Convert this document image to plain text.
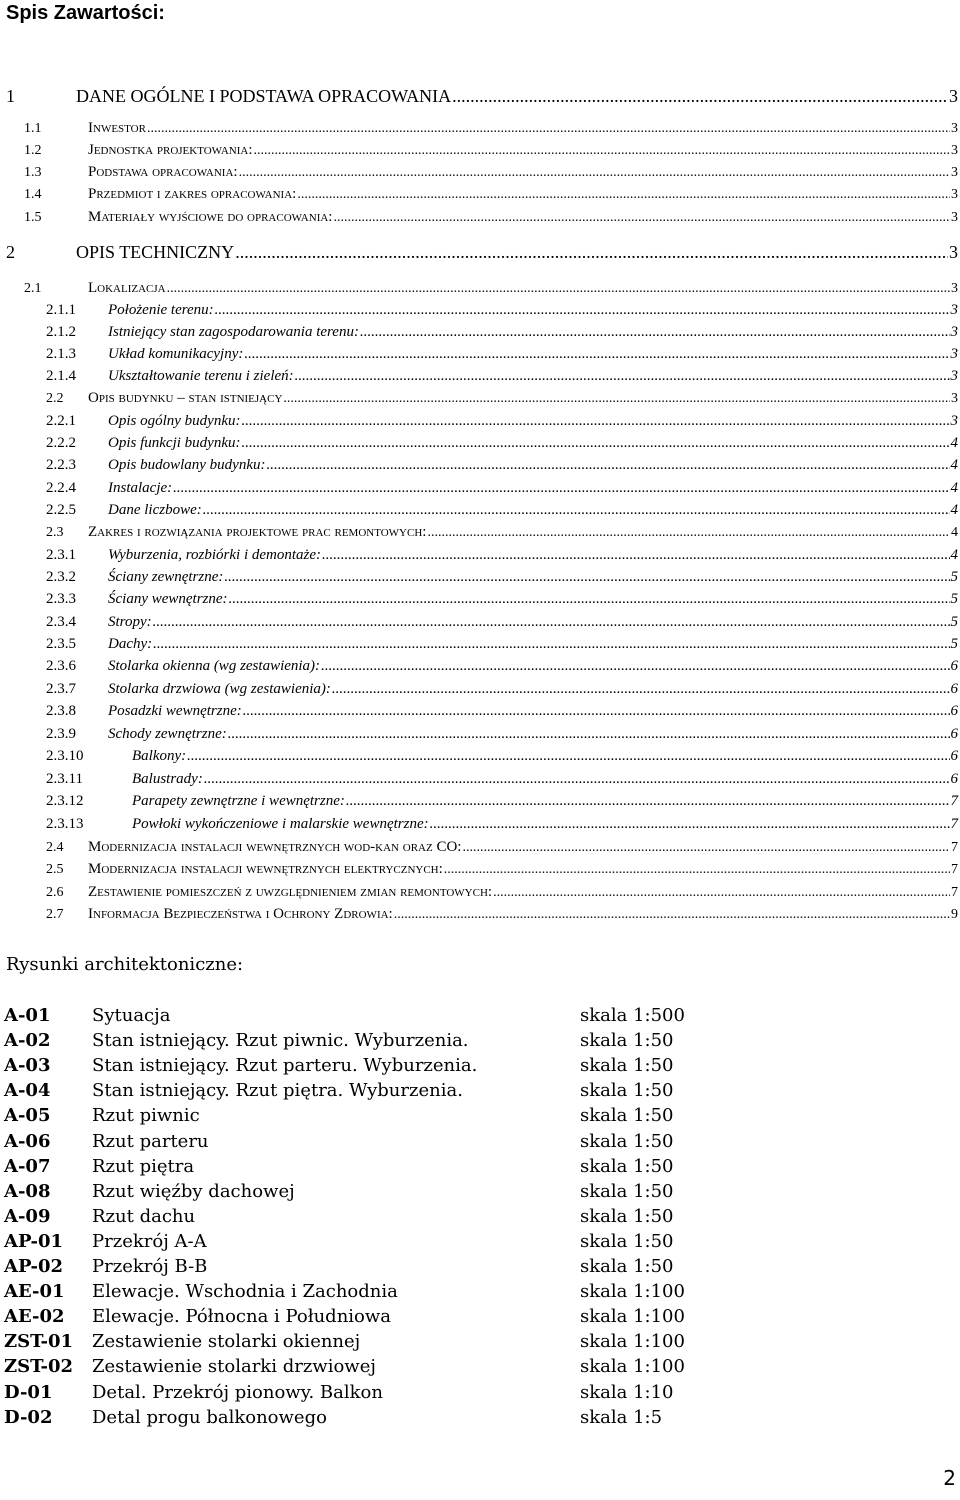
Spis Zawartości:
1	DANE OGÓLNE I PODSTAWA OPRACOWANIA .....	3
1.1	Inwestor .....	3
1.2	Jednostka projektowania: .....	3
1.3	Podstawa opracowania: .....	3
1.4	Przedmiot i zakres opracowania: .....	3
1.5	Materiały wyjściowe do opracowania: .....	3
2	OPIS TECHNICZNY .....	3
2.1	Lokalizacja .....	3
2.1.1	Położenie terenu: .....	3
2.1.2	Istniejący stan zagospodarowania terenu: .....	3
2.1.3	Układ komunikacyjny: .....	3
2.1.4	Ukształtowanie terenu i zieleń: .....	3
2.2	Opis budynku – stan istniejący .....	3
2.2.1	Opis ogólny budynku: .....	3
2.2.2	Opis funkcji budynku: .....	4
2.2.3	Opis budowlany budynku: .....	4
2.2.4	Instalacje: .....	4
2.2.5	Dane liczbowe: .....	4
2.3	Zakres i rozwiązania projektowe prac remontowych: .....	4
2.3.1	Wyburzenia, rozbiórki i demontaże: .....	4
2.3.2	Ściany zewnętrzne: .....	5
2.3.3	Ściany wewnętrzne: .....	5
2.3.4	Stropy: .....	5
2.3.5	Dachy: .....	5
2.3.6	Stolarka okienna (wg zestawienia): .....	6
2.3.7	Stolarka drzwiowa (wg zestawienia): .....	6
2.3.8	Posadzki wewnętrzne: .....	6
2.3.9	Schody zewnętrzne: .....	6
2.3.10	Balkony: .....	6
2.3.11	Balustrady: .....	6
2.3.12	Parapety zewnętrzne i wewnętrzne: .....	7
2.3.13	Powłoki wykończeniowe i malarskie wewnętrzne: .....	7
2.4	Modernizacja instalacji wewnętrznych wod-kan oraz CO: .....	7
2.5	Modernizacja instalacji wewnętrznych elektrycznych: .....	7
2.6	Zestawienie pomieszczeń z uwzględnieniem zmian remontowych: .....	7
2.7	Informacja Bezpieczeństwa i Ochrony Zdrowia: .....	9
Rysunki architektoniczne:
A-01 Sytuacja	skala 1:500
A-02 Stan istniejący. Rzut piwnic. Wyburzenia.	skala 1:50
A-03 Stan istniejący. Rzut parteru. Wyburzenia.	skala 1:50
A-04 Stan istniejący. Rzut piętra. Wyburzenia.	skala 1:50
A-05 Rzut piwnic	skala 1:50
A-06 Rzut parteru	skala 1:50
A-07 Rzut piętra	skala 1:50
A-08 Rzut więźby dachowej	skala 1:50
A-09 Rzut dachu	skala 1:50
AP-01 Przekrój A-A	skala 1:50
AP-02 Przekrój B-B	skala 1:50
AE-01 Elewacje. Wschodnia i Zachodnia	skala 1:100
AE-02 Elewacje. Północna i Południowa	skala 1:100
ZST-01 Zestawienie stolarki okiennej	skala 1:100
ZST-02 Zestawienie stolarki drzwiowej	skala 1:100
D-01 Detal. Przekrój pionowy. Balkon	skala 1:10
D-02 Detal progu balkonowego	skala 1:5
2
